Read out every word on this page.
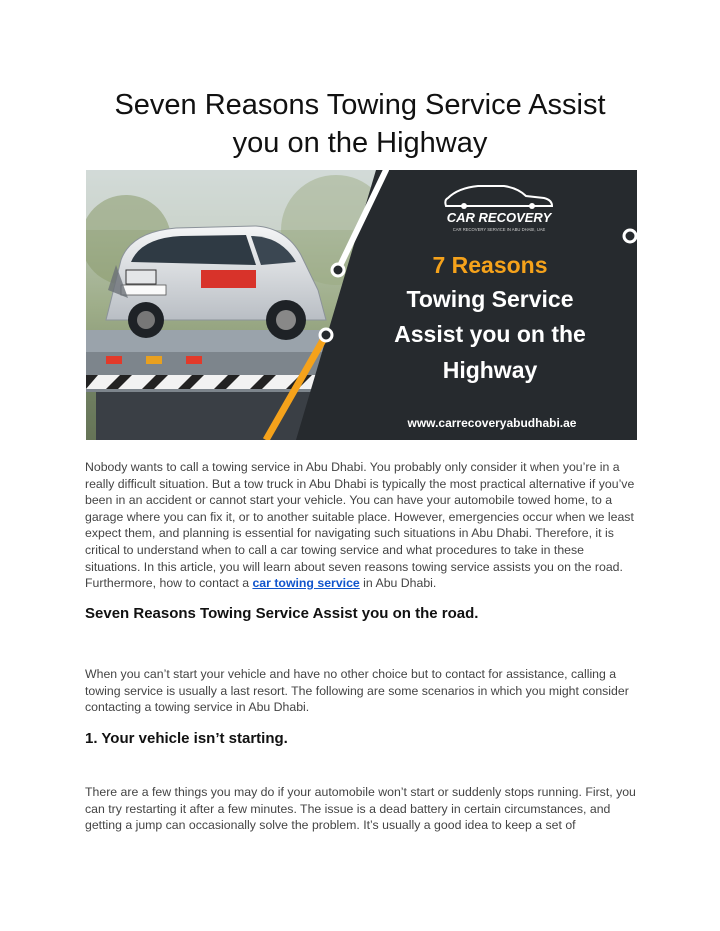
Seven Reasons Towing Service Assist
you on the Highway
CAR RECOVERY
CAR RECOVERY SERVICE IN ABU DHABI, UAE
7 Reasons
Towing Service
Assist you on the
Highway
www.carrecoveryabudhabi.ae

Nobody wants to call a towing service in Abu Dhabi. You probably only consider it when you’re in a really difficult situation. But a tow truck in Abu Dhabi is typically the most practical alternative if you’ve been in an accident or cannot start your vehicle. You can have your automobile towed home, to a garage where you can fix it, or to another suitable place. However, emergencies occur when we least expect them, and planning is essential for navigating such situations in Abu Dhabi. Therefore, it is critical to understand when to call a car towing service and what procedures to take in these situations. In this article, you will learn about seven reasons towing service assists you on the road. Furthermore, how to contact a car towing service in Abu Dhabi.

Seven Reasons Towing Service Assist you on the road.

When you can’t start your vehicle and have no other choice but to contact for assistance, calling a towing service is usually a last resort. The following are some scenarios in which you might consider contacting a towing service in Abu Dhabi.

1. Your vehicle isn’t starting.

There are a few things you may do if your automobile won’t start or suddenly stops running. First, you can try restarting it after a few minutes. The issue is a dead battery in certain circumstances, and getting a jump can occasionally solve the problem. It’s usually a good idea to keep a set of
